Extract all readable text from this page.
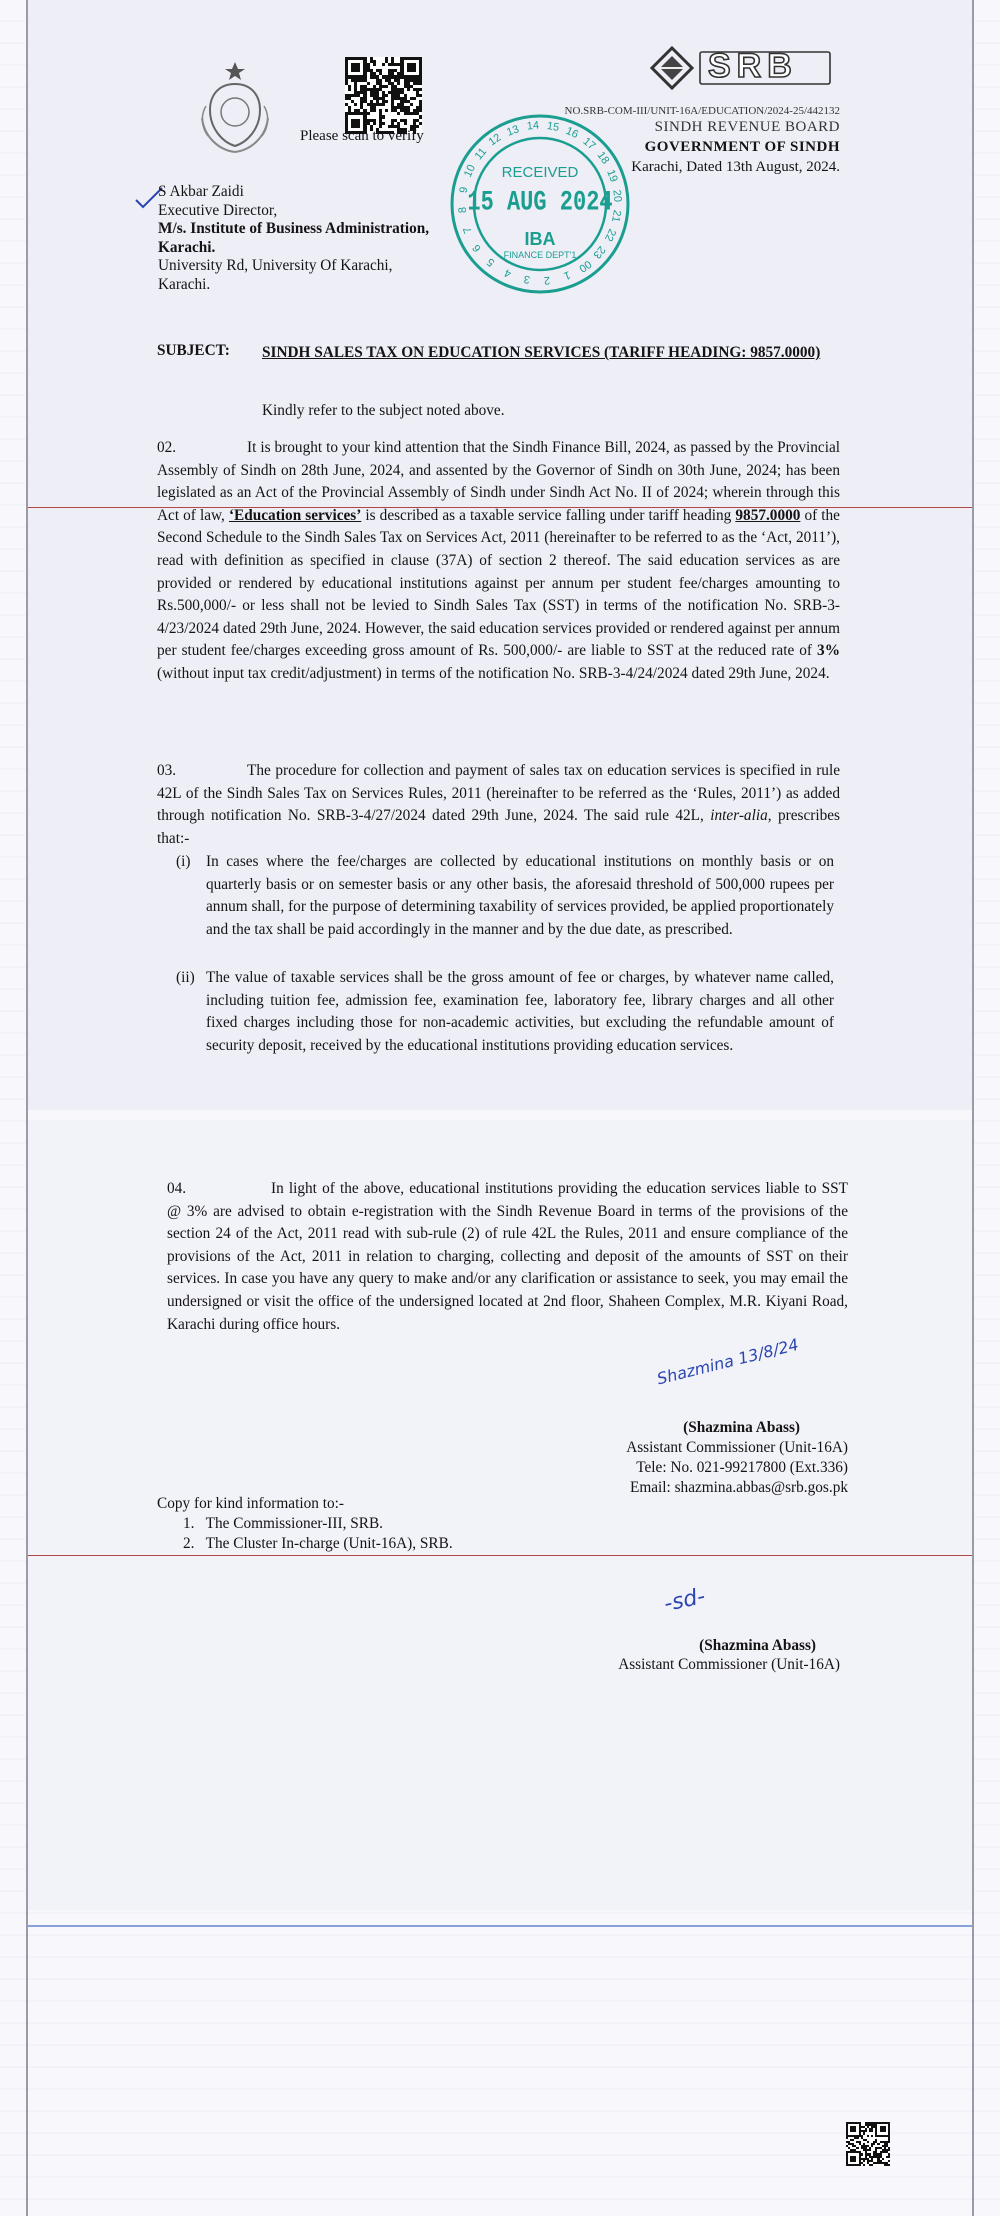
Please scan to verify
SRB
NO.SRB-COM-III/UNIT-16A/EDUCATION/2024-25/442132
SINDH REVENUE BOARD
GOVERNMENT OF SINDH
Karachi, Dated 13th August, 2024.
S Akbar Zaidi
Executive Director,
M/s. Institute of Business Administration,
Karachi.
University Rd, University Of Karachi,
Karachi.
11
12
13 14 15 16
17
18
19
20
21
22
23
00
1
2
3
4
5
6
7
8
9
10	RECEIVED
15 AUG 2024
IBA
FINANCE DEPT'1
SUBJECT: SINDH SALES TAX ON EDUCATION SERVICES (TARIFF HEADING: 9857.0000)
Kindly refer to the subject noted above.

02.	It is brought to your kind attention that the Sindh Finance Bill, 2024, as passed by the Provincial Assembly of Sindh on 28th June, 2024, and assented by the Governor of Sindh on 30th June, 2024; has been legislated as an Act of the Provincial Assembly of Sindh under Sindh Act No. II of 2024; wherein through this Act of law, ‘Education services’ is described as a taxable service falling under tariff heading 9857.0000 of the Second Schedule to the Sindh Sales Tax on Services Act, 2011 (hereinafter to be referred to as the ‘Act, 2011’), read with definition as specified in clause (37A) of section 2 thereof. The said education services as are provided or rendered by educational institutions against per annum per student fee/charges amounting to Rs.500,000/- or less shall not be levied to Sindh Sales Tax (SST) in terms of the notification No. SRB-3-4/23/2024 dated 29th June, 2024. However, the said education services provided or rendered against per annum per student fee/charges exceeding gross amount of Rs. 500,000/- are liable to SST at the reduced rate of 3% (without input tax credit/adjustment) in terms of the notification No. SRB-3-4/24/2024 dated 29th June, 2024.

03.	The procedure for collection and payment of sales tax on education services is specified in rule 42L of the Sindh Sales Tax on Services Rules, 2011 (hereinafter to be referred as the ‘Rules, 2011’) as added through notification No. SRB-3-4/27/2024 dated 29th June, 2024. The said rule 42L, inter-alia, prescribes that:-

(i) In cases where the fee/charges are collected by educational institutions on monthly basis or on quarterly basis or on semester basis or any other basis, the aforesaid threshold of 500,000 rupees per annum shall, for the purpose of determining taxability of services provided, be applied proportionately and the tax shall be paid accordingly in the manner and by the due date, as prescribed.
(ii) The value of taxable services shall be the gross amount of fee or charges, by whatever name called, including tuition fee, admission fee, examination fee, laboratory fee, library charges and all other fixed charges including those for non-academic activities, but excluding the refundable amount of security deposit, received by the educational institutions providing education services.

04.	In light of the above, educational institutions providing the education services liable to SST @ 3% are advised to obtain e-registration with the Sindh Revenue Board in terms of the provisions of the section 24 of the Act, 2011 read with sub-rule (2) of rule 42L the Rules, 2011 and ensure compliance of the provisions of the Act, 2011 in relation to charging, collecting and deposit of the amounts of SST on their services. In case you have any query to make and/or any clarification or assistance to seek, you may email the undersigned or visit the office of the undersigned located at 2nd floor, Shaheen Complex, M.R. Kiyani Road, Karachi during office hours.

Shazmina 13/8/24
(Shazmina Abass)
Assistant Commissioner (Unit-16A)
Tele: No. 021-99217800 (Ext.336)
Email: shazmina.abbas@srb.gos.pk
Copy for kind information to:-
1.   The Commissioner-III, SRB.
2.   The Cluster In-charge (Unit-16A), SRB.
-sd-
(Shazmina Abass)
Assistant Commissioner (Unit-16A)
